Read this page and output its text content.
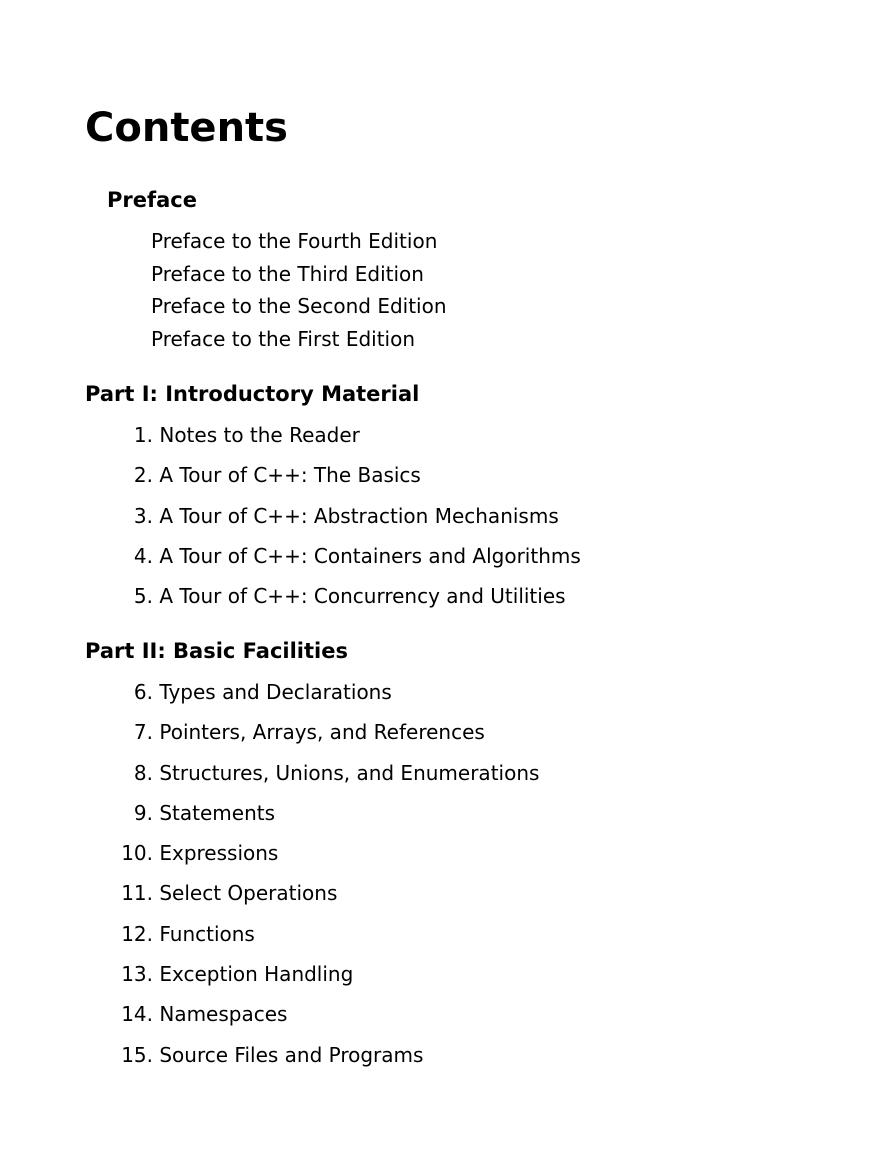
Contents
Preface
Preface to the Fourth Edition
Preface to the Third Edition
Preface to the Second Edition
Preface to the First Edition
Part I: Introductory Material
1.
Notes to the Reader
2.
A Tour of C++: The Basics
3.
A Tour of C++: Abstraction Mechanisms
4.
A Tour of C++: Containers and Algorithms
5.
A Tour of C++: Concurrency and Utilities
Part II: Basic Facilities
6.
Types and Declarations
7.
Pointers, Arrays, and References
8.
Structures, Unions, and Enumerations
9.
Statements
10.
Expressions
11.
Select Operations
12.
Functions
13.
Exception Handling
14.
Namespaces
15.
Source Files and Programs
